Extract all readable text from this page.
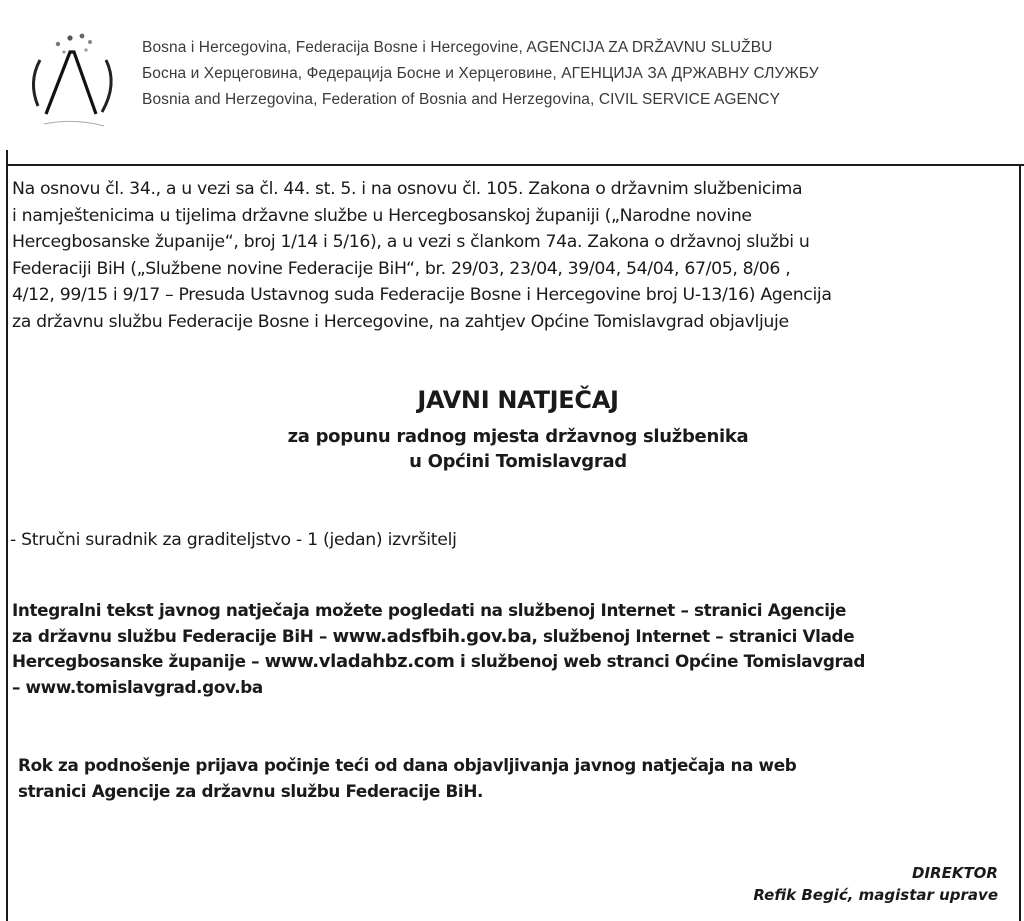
Bosna i Hercegovina, Federacija Bosne i Hercegovine, AGENCIJA ZA DRŽAVNU SLUŽBU
Босна и Херцеговина, Федерација Босне и Херцеговине, АГЕНЦИЈА ЗА ДРЖАВНУ СЛУЖБУ
Bosnia and Herzegovina, Federation of Bosnia and Herzegovina, CIVIL SERVICE AGENCY
Na osnovu čl. 34., a u vezi sa čl. 44. st. 5. i na osnovu čl. 105. Zakona o državnim službenicima
i namještenicima u tijelima državne službe u Hercegbosanskoj županiji („Narodne novine
Hercegbosanske županije“, broj 1/14 i 5/16), a u vezi s člankom 74a. Zakona o državnoj službi u
Federaciji BiH („Službene novine Federacije BiH“, br. 29/03, 23/04, 39/04, 54/04, 67/05, 8/06 ,
4/12, 99/15 i 9/17 – Presuda Ustavnog suda Federacije Bosne i Hercegovine broj U-13/16) Agencija
za državnu službu Federacije Bosne i Hercegovine, na zahtjev Općine Tomislavgrad objavljuje
JAVNI NATJEČAJ
za popunu radnog mjesta državnog službenika
u Općini Tomislavgrad
- Stručni suradnik za graditeljstvo - 1 (jedan) izvršitelj
Integralni tekst javnog natječaja možete pogledati na službenoj Internet – stranici Agencije
za državnu službu Federacije BiH – www.adsfbih.gov.ba, službenoj Internet – stranici Vlade
Hercegbosanske županije – www.vladahbz.com i službenoj web stranci Općine Tomislavgrad
– www.tomislavgrad.gov.ba
Rok za podnošenje prijava počinje teći od dana objavljivanja javnog natječaja na web
stranici Agencije za državnu službu Federacije BiH.
DIREKTOR
Refik Begić, magistar uprave
